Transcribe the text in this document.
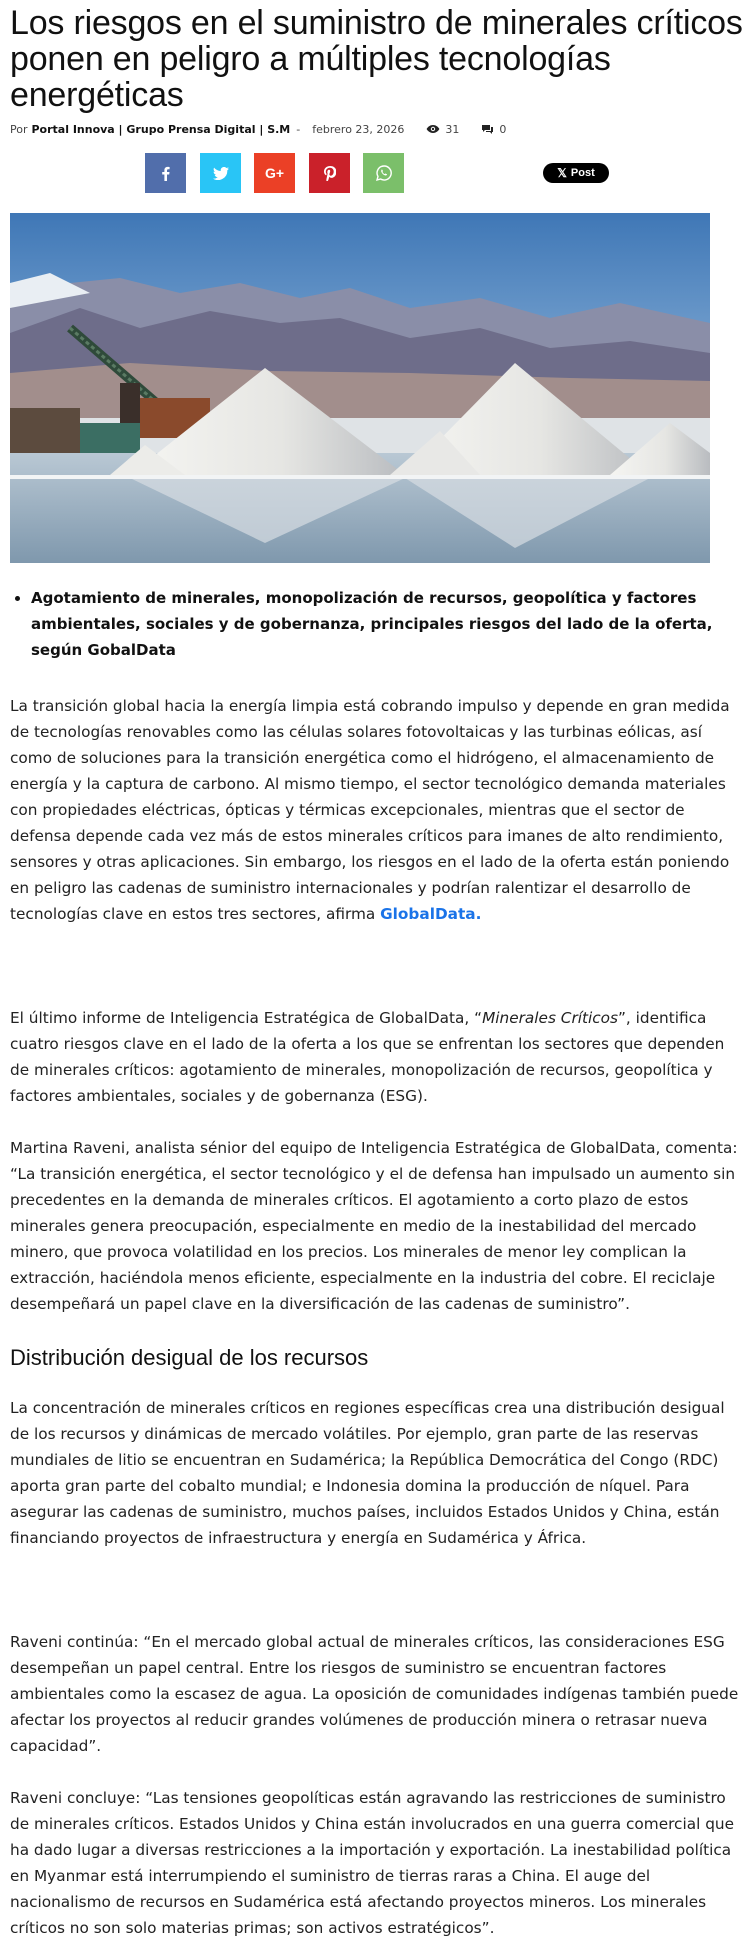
Los riesgos en el suministro de minerales críticos ponen en peligro a múltiples tecnologías energéticas
Por Portal Innova | Grupo Prensa Digital | S.M - febrero 23, 2026	31	0
G+	𝕏 Post
• Agotamiento de minerales, monopolización de recursos, geopolítica y factores ambientales, sociales y de gobernanza, principales riesgos del lado de la oferta, según GobalData

La transición global hacia la energía limpia está cobrando impulso y depende en gran medida de tecnologías renovables como las células solares fotovoltaicas y las turbinas eólicas, así como de soluciones para la transición energética como el hidrógeno, el almacenamiento de energía y la captura de carbono. Al mismo tiempo, el sector tecnológico demanda materiales con propiedades eléctricas, ópticas y térmicas excepcionales, mientras que el sector de defensa depende cada vez más de estos minerales críticos para imanes de alto rendimiento, sensores y otras aplicaciones. Sin embargo, los riesgos en el lado de la oferta están poniendo en peligro las cadenas de suministro internacionales y podrían ralentizar el desarrollo de tecnologías clave en estos tres sectores, afirma GlobalData.

El último informe de Inteligencia Estratégica de GlobalData, “Minerales Críticos”, identifica cuatro riesgos clave en el lado de la oferta a los que se enfrentan los sectores que dependen de minerales críticos: agotamiento de minerales, monopolización de recursos, geopolítica y factores ambientales, sociales y de gobernanza (ESG).

Martina Raveni, analista sénior del equipo de Inteligencia Estratégica de GlobalData, comenta: “La transición energética, el sector tecnológico y el de defensa han impulsado un aumento sin precedentes en la demanda de minerales críticos. El agotamiento a corto plazo de estos minerales genera preocupación, especialmente en medio de la inestabilidad del mercado minero, que provoca volatilidad en los precios. Los minerales de menor ley complican la extracción, haciéndola menos eficiente, especialmente en la industria del cobre. El reciclaje desempeñará un papel clave en la diversificación de las cadenas de suministro”.

Distribución desigual de los recursos

La concentración de minerales críticos en regiones específicas crea una distribución desigual de los recursos y dinámicas de mercado volátiles. Por ejemplo, gran parte de las reservas mundiales de litio se encuentran en Sudamérica; la República Democrática del Congo (RDC) aporta gran parte del cobalto mundial; e Indonesia domina la producción de níquel. Para asegurar las cadenas de suministro, muchos países, incluidos Estados Unidos y China, están financiando proyectos de infraestructura y energía en Sudamérica y África.

Raveni continúa: “En el mercado global actual de minerales críticos, las consideraciones ESG desempeñan un papel central. Entre los riesgos de suministro se encuentran factores ambientales como la escasez de agua. La oposición de comunidades indígenas también puede afectar los proyectos al reducir grandes volúmenes de producción minera o retrasar nueva capacidad”.

Raveni concluye: “Las tensiones geopolíticas están agravando las restricciones de suministro de minerales críticos. Estados Unidos y China están involucrados en una guerra comercial que ha dado lugar a diversas restricciones a la importación y exportación. La inestabilidad política en Myanmar está interrumpiendo el suministro de tierras raras a China. El auge del nacionalismo de recursos en Sudamérica está afectando proyectos mineros. Los minerales críticos no son solo materias primas; son activos estratégicos”.
